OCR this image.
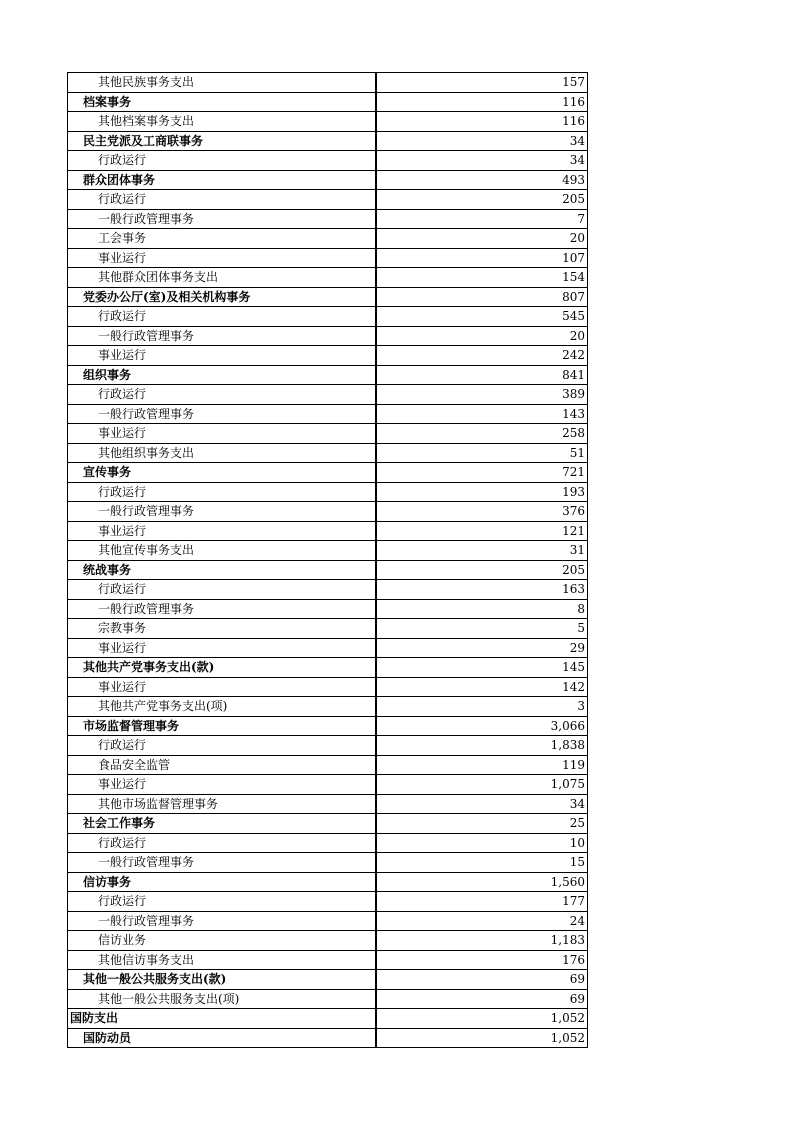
其他民族事务支出	157
档案事务	116
其他档案事务支出	116
民主党派及工商联事务	34
行政运行	34
群众团体事务	493
行政运行	205
一般行政管理事务	7
工会事务	20
事业运行	107
其他群众团体事务支出	154
党委办公厅(室)及相关机构事务	807
行政运行	545
一般行政管理事务	20
事业运行	242
组织事务	841
行政运行	389
一般行政管理事务	143
事业运行	258
其他组织事务支出	51
宣传事务	721
行政运行	193
一般行政管理事务	376
事业运行	121
其他宣传事务支出	31
统战事务	205
行政运行	163
一般行政管理事务	8
宗教事务	5
事业运行	29
其他共产党事务支出(款)	145
事业运行	142
其他共产党事务支出(项)	3
市场监督管理事务	3,066
行政运行	1,838
食品安全监管	119
事业运行	1,075
其他市场监督管理事务	34
社会工作事务	25
行政运行	10
一般行政管理事务	15
信访事务	1,560
行政运行	177
一般行政管理事务	24
信访业务	1,183
其他信访事务支出	176
其他一般公共服务支出(款)	69
其他一般公共服务支出(项)	69
国防支出	1,052
国防动员	1,052
